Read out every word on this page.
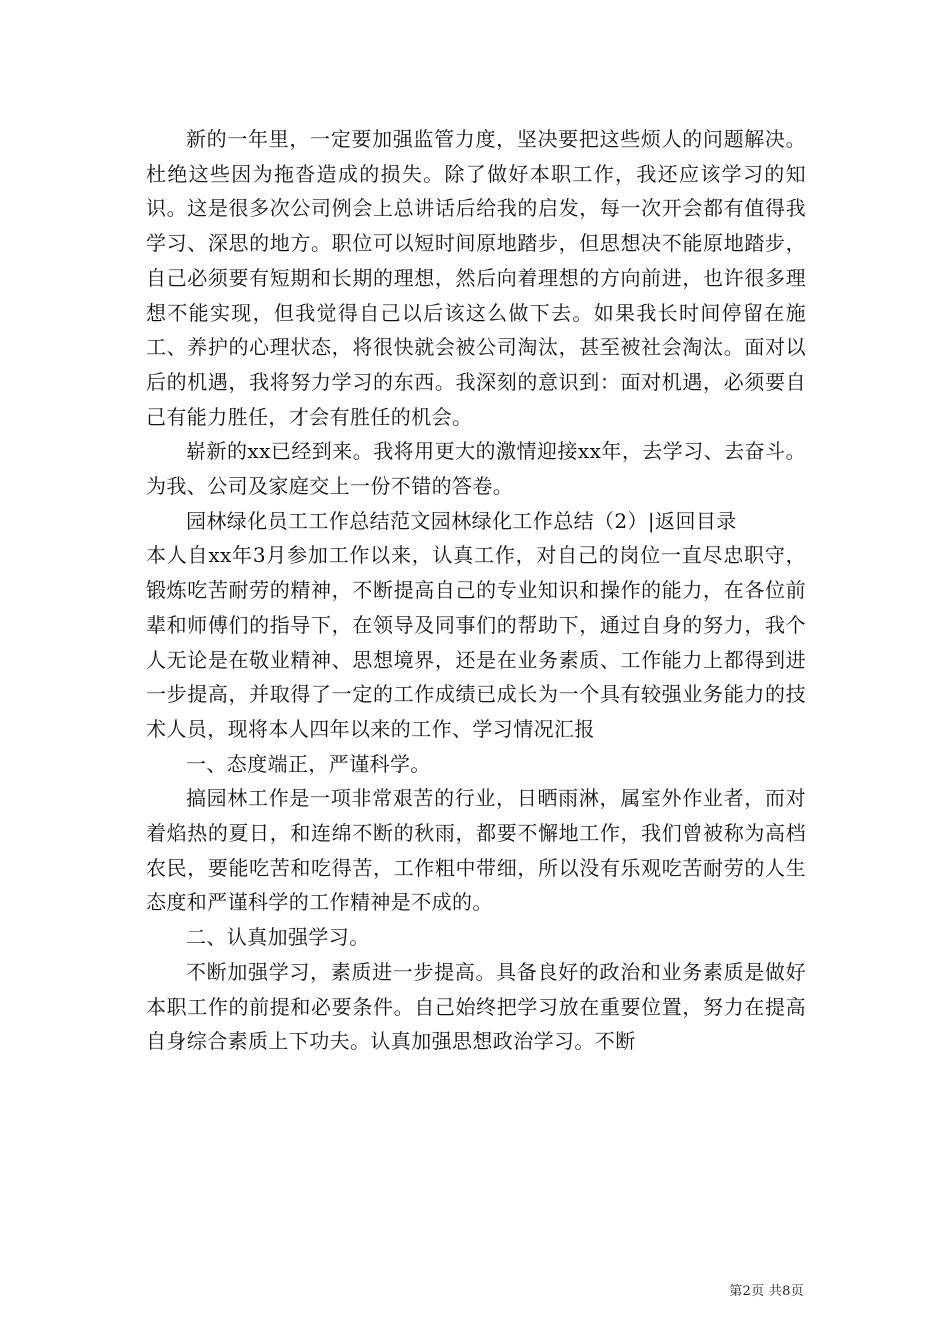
新的一年里，一定要加强监管力度，坚决要把这些烦人的问题解决。杜绝这些因为拖沓造成的损失。除了做好本职工作，我还应该学习的知识。这是很多次公司例会上总讲话后给我的启发，每一次开会都有值得我学习、深思的地方。职位可以短时间原地踏步，但思想决不能原地踏步，自己必须要有短期和长期的理想，然后向着理想的方向前进，也许很多理想不能实现，但我觉得自己以后该这么做下去。如果我长时间停留在施工、养护的心理状态，将很快就会被公司淘汰，甚至被社会淘汰。面对以后的机遇，我将努力学习的东西。我深刻的意识到：面对机遇，必须要自己有能力胜任，才会有胜任的机会。

崭新的xx已经到来。我将用更大的激情迎接xx年，去学习、去奋斗。为我、公司及家庭交上一份不错的答卷。

园林绿化员工工作总结范文园林绿化工作总结（2）|返回目录

本人自xx年3月参加工作以来，认真工作，对自己的岗位一直尽忠职守，锻炼吃苦耐劳的精神，不断提高自己的专业知识和操作的能力，在各位前辈和师傅们的指导下，在领导及同事们的帮助下，通过自身的努力，我个人无论是在敬业精神、思想境界，还是在业务素质、工作能力上都得到进一步提高，并取得了一定的工作成绩已成长为一个具有较强业务能力的技术人员，现将本人四年以来的工作、学习情况汇报

一、态度端正，严谨科学。

搞园林工作是一项非常艰苦的行业，日晒雨淋，属室外作业者，而对着焰热的夏日，和连绵不断的秋雨，都要不懈地工作，我们曾被称为高档农民，要能吃苦和吃得苦，工作粗中带细，所以没有乐观吃苦耐劳的人生态度和严谨科学的工作精神是不成的。

二、认真加强学习。

不断加强学习，素质进一步提高。具备良好的政治和业务素质是做好本职工作的前提和必要条件。自己始终把学习放在重要位置，努力在提高自身综合素质上下功夫。认真加强思想政治学习。不断

第2页 共8页
